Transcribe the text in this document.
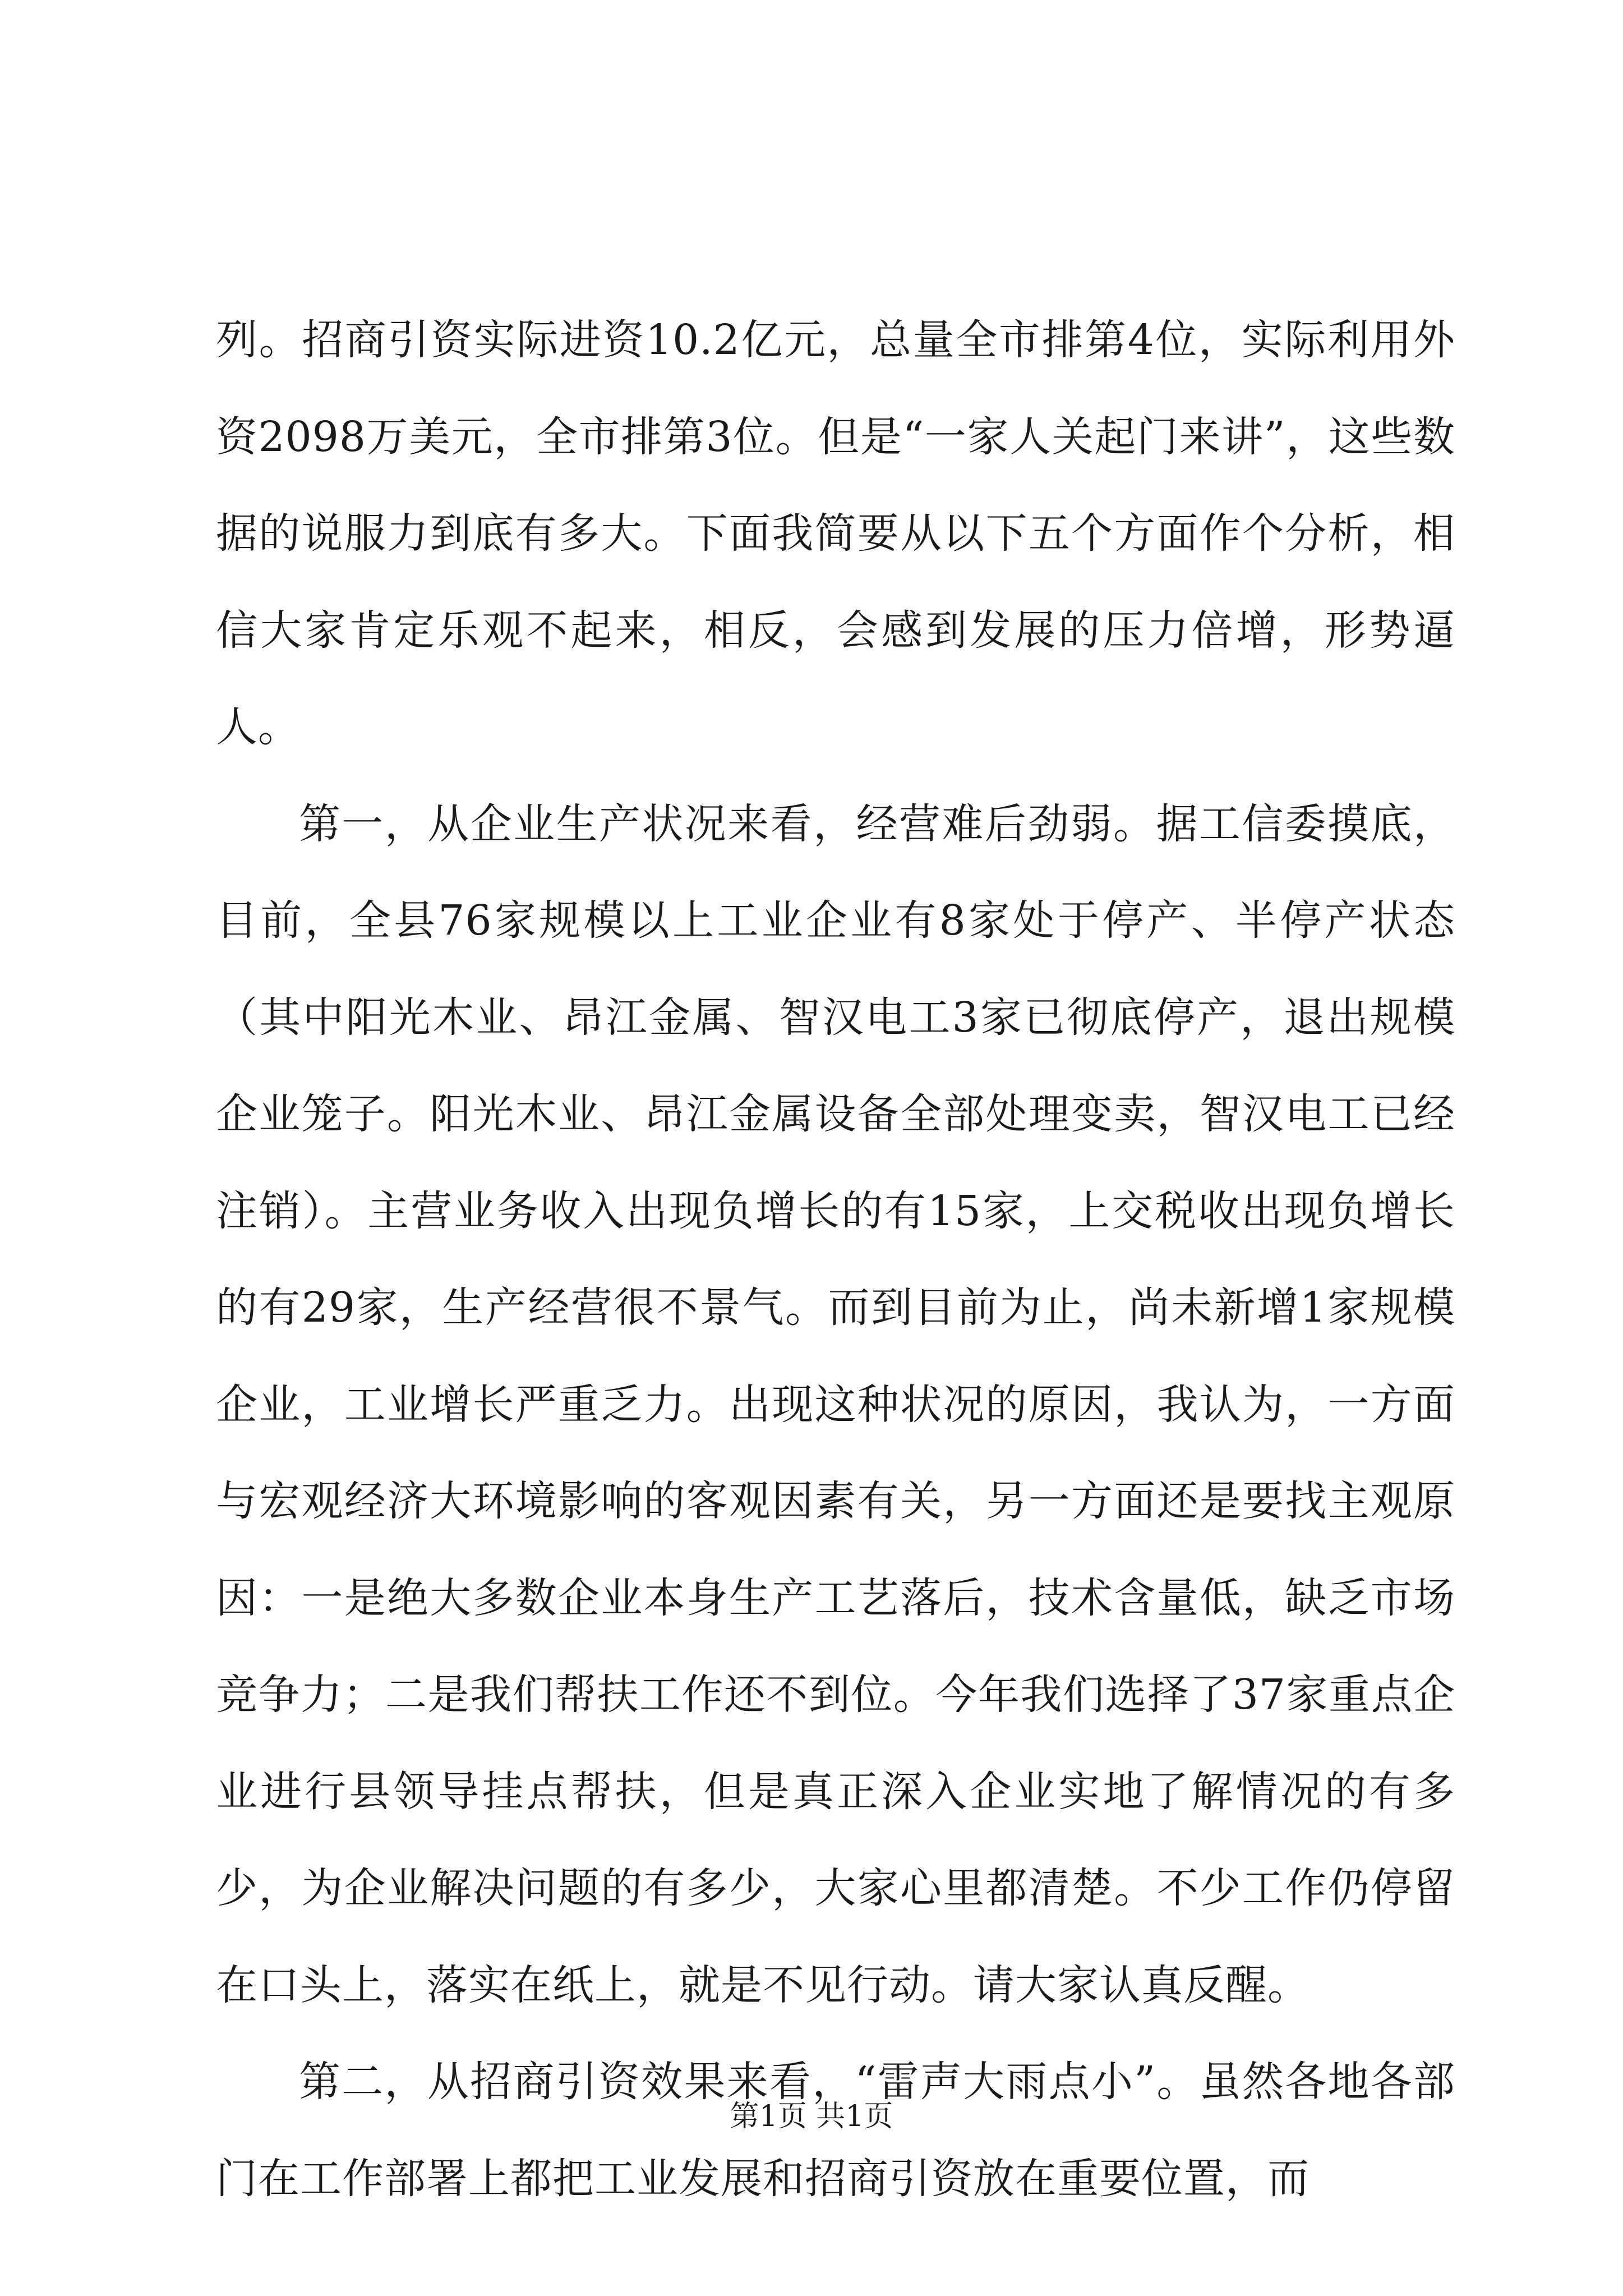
列。招商引资实际进资10.2亿元，总量全市排第4位，实际利用外资2098万美元，全市排第3位。但是“一家人关起门来讲”，这些数据的说服力到底有多大。下面我简要从以下五个方面作个分析，相信大家肯定乐观不起来，相反，会感到发展的压力倍增，形势逼人。

第一，从企业生产状况来看，经营难后劲弱。据工信委摸底，目前，全县76家规模以上工业企业有8家处于停产、半停产状态（其中阳光木业、昂江金属、智汉电工3家已彻底停产，退出规模企业笼子。阳光木业、昂江金属设备全部处理变卖，智汉电工已经注销）。主营业务收入出现负增长的有15家，上交税收出现负增长的有29家，生产经营很不景气。而到目前为止，尚未新增1家规模企业，工业增长严重乏力。出现这种状况的原因，我认为，一方面与宏观经济大环境影响的客观因素有关，另一方面还是要找主观原因：一是绝大多数企业本身生产工艺落后，技术含量低，缺乏市场竞争力；二是我们帮扶工作还不到位。今年我们选择了37家重点企业进行县领导挂点帮扶，但是真正深入企业实地了解情况的有多少，为企业解决问题的有多少，大家心里都清楚。不少工作仍停留在口头上，落实在纸上，就是不见行动。请大家认真反醒。

第二，从招商引资效果来看，“雷声大雨点小”。虽然各地各部门在工作部署上都把工业发展和招商引资放在重要位置，而

第1页 共1页
